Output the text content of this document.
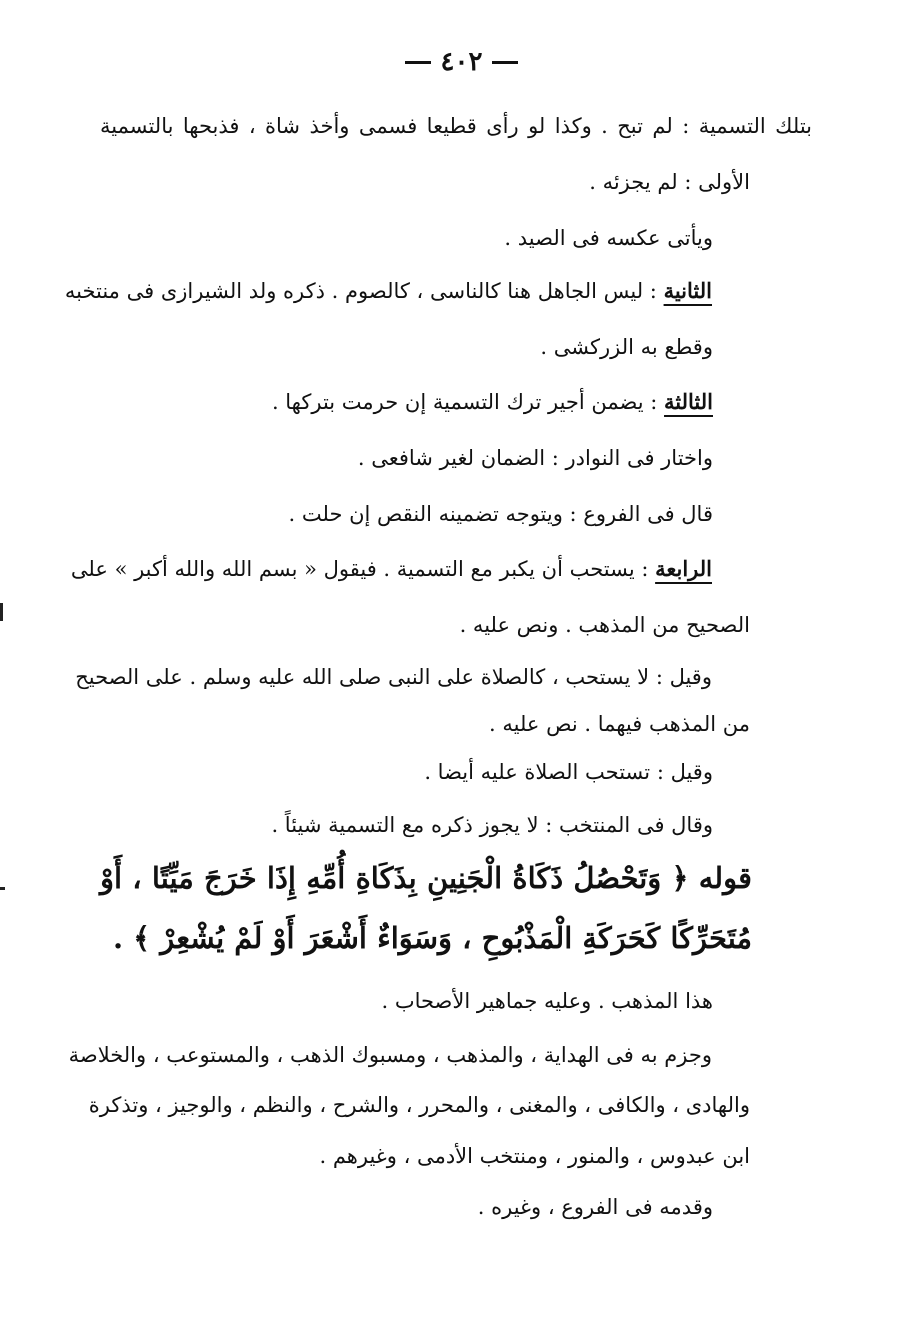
٤٠٢
بتلك التسمية : لم تبح . وكذا لو رأى قطيعا فسمى وأخذ شاة ، فذبحها بالتسمية
الأولى : لم يجزئه .
ويأتى عكسه فى الصيد .
الثانية : ليس الجاهل هنا كالناسى ، كالصوم . ذكره ولد الشيرازى فى منتخبه
وقطع به الزركشى .
الثالثة : يضمن أجير ترك التسمية إن حرمت بتركها .
واختار فى النوادر : الضمان لغير شافعى .
قال فى الفروع : ويتوجه تضمينه النقص إن حلت .
الرابعة : يستحب أن يكبر مع التسمية . فيقول « بسم الله والله أكبر » على
الصحيح من المذهب . ونص عليه .
وقيل : لا يستحب ، كالصلاة على النبى صلى الله عليه وسلم . على الصحيح
من المذهب فيهما . نص عليه .
وقيل : تستحب الصلاة عليه أيضا .
وقال فى المنتخب : لا يجوز ذكره مع التسمية شيئاً .
قوله ﴿ وَتَحْصُلُ ذَكَاةُ الْجَنِينِ بِذَكَاةِ أُمِّهِ إِذَا خَرَجَ مَيِّتًا ، أَوْ
مُتَحَرِّكًا كَحَرَكَةِ الْمَذْبُوحِ ، وَسَوَاءٌ أَشْعَرَ أَوْ لَمْ يُشْعِرْ ﴾ .
هذا المذهب . وعليه جماهير الأصحاب .
وجزم به فى الهداية ، والمذهب ، ومسبوك الذهب ، والمستوعب ، والخلاصة
والهادى ، والكافى ، والمغنى ، والمحرر ، والشرح ، والنظم ، والوجيز ، وتذكرة
ابن عبدوس ، والمنور ، ومنتخب الأدمى ، وغيرهم .
وقدمه فى الفروع ، وغيره .
